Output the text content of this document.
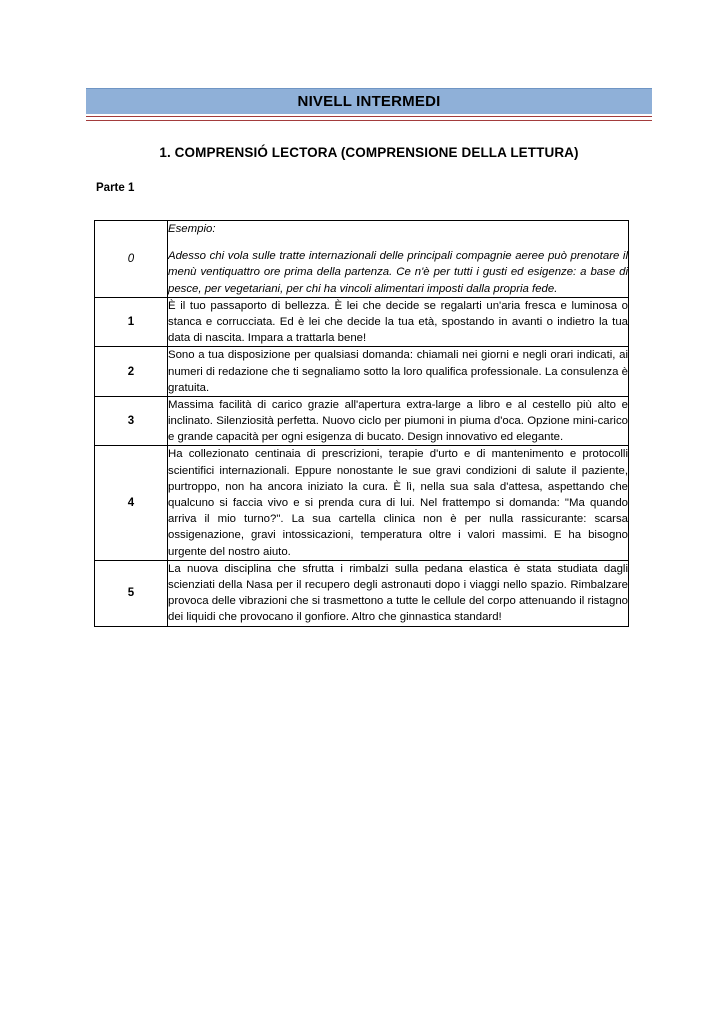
NIVELL INTERMEDI
1. COMPRENSIÓ LECTORA (COMPRENSIONE DELLA LETTURA)
Parte 1
0	Esempio:
Adesso chi vola sulle tratte internazionali delle principali compagnie aeree può prenotare il menù ventiquattro ore prima della partenza. Ce n'è per tutti i gusti ed esigenze: a base di pesce, per vegetariani, per chi ha vincoli alimentari imposti dalla propria fede.

1	È il tuo passaporto di bellezza. È lei che decide se regalarti un'aria fresca e luminosa o stanca e corrucciata. Ed è lei che decide la tua età, spostando in avanti o indietro la tua data di nascita. Impara a trattarla bene!
2	Sono a tua disposizione per qualsiasi domanda: chiamali nei giorni e negli orari indicati, ai numeri di redazione che ti segnaliamo sotto la loro qualifica professionale. La consulenza è gratuita.
3	Massima facilità di carico grazie all'apertura extra-large a libro e al cestello più alto e inclinato. Silenziosità perfetta. Nuovo ciclo per piumoni in piuma d'oca. Opzione mini-carico e grande capacità per ogni esigenza di bucato. Design innovativo ed elegante.
4	Ha collezionato centinaia di prescrizioni, terapie d'urto e di mantenimento e protocolli scientifici internazionali. Eppure nonostante le sue gravi condizioni di salute il paziente, purtroppo, non ha ancora iniziato la cura. È lì, nella sua sala d'attesa, aspettando che qualcuno si faccia vivo e si prenda cura di lui. Nel frattempo si domanda: "Ma quando arriva il mio turno?". La sua cartella clinica non è per nulla rassicurante: scarsa ossigenazione, gravi intossicazioni, temperatura oltre i valori massimi. E ha bisogno urgente del nostro aiuto.
5	La nuova disciplina che sfrutta i rimbalzi sulla pedana elastica è stata studiata dagli scienziati della Nasa per il recupero degli astronauti dopo i viaggi nello spazio. Rimbalzare provoca delle vibrazioni che si trasmettono a tutte le cellule del corpo attenuando il ristagno dei liquidi che provocano il gonfiore. Altro che ginnastica standard!
